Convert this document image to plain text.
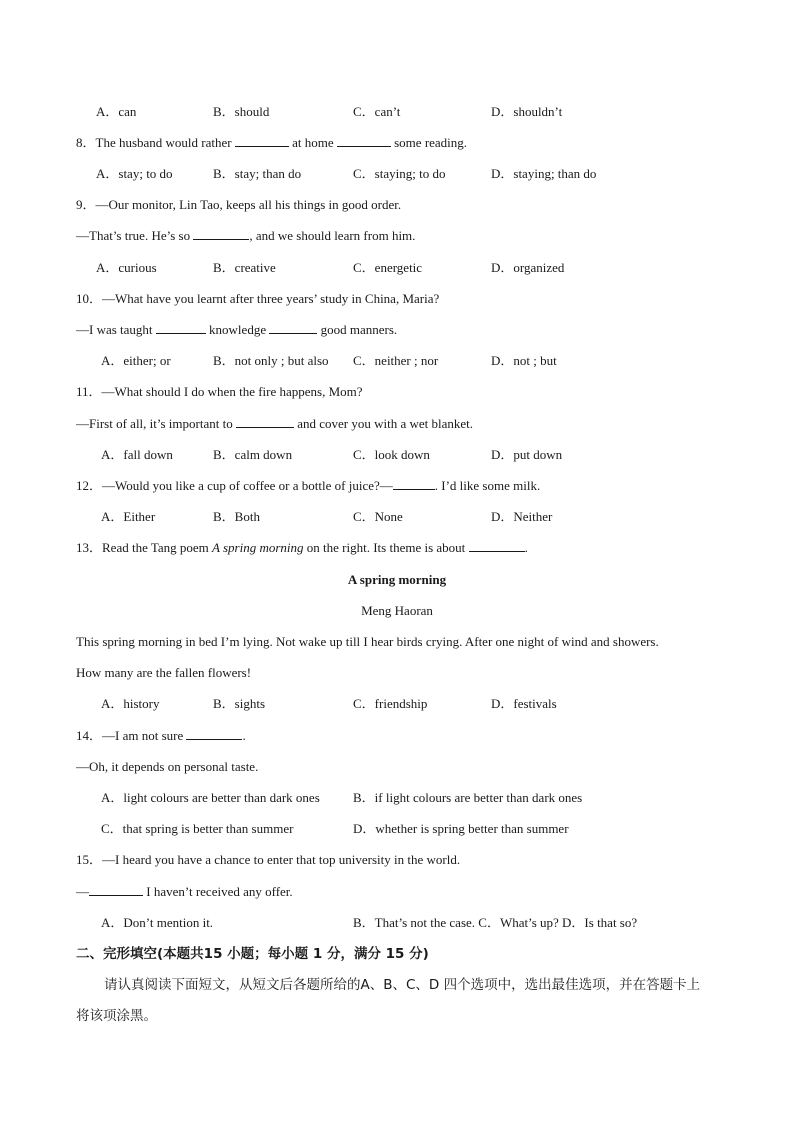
A．can	B．should	C．can’t	D．shouldn’t
8．The husband would rather	at home	some reading.
A．stay; to do	B．stay; than do	C．staying; to do	D．staying; than do
9．—Our monitor, Lin Tao, keeps all his things in good order.
—That’s true. He’s so	, and we should learn from him.
A．curious	B．creative	C．energetic	D．organized
10．—What have you learnt after three years’ study in China, Maria?
—I was taught	knowledge	good manners.
A．either; or	B．not only ; but also C．neither ; nor	D．not ; but
11．—What should I do when the fire happens, Mom?
—First of all, it’s important to	and cover you with a wet blanket.
A．fall down	B．calm down	C．look down	D．put down
12．—Would you like a cup of coffee or a bottle of juice?—	. I’d like some milk.
A．Either	B．Both	C．None	D．Neither
13．Read the Tang poem A spring morning on the right. Its theme is about	.
A spring morning
Meng Haoran
This spring morning in bed I’m lying. Not wake up till I hear birds crying. After one night of wind and showers.
How many are the fallen flowers!
A．history	B．sights	C．friendship	D．festivals
14．—I am not sure	.
—Oh, it depends on personal taste.
A．light colours are better than dark ones	B．if light colours are better than dark ones
C．that spring is better than summer	D．whether is spring better than summer
15．—I heard you have a chance to enter that top university in the world.
—	I haven’t received any offer.
A．Don’t mention it.	B．That’s not the case. C．What’s up? D．Is that so?
二、完形填空(本题共15 小题；每小题 1 分，满分 15 分)
请认真阅读下面短文，从短文后各题所给的A、B、C、D 四个选项中，选出最佳选项，并在答题卡上
将该项涂黑。
